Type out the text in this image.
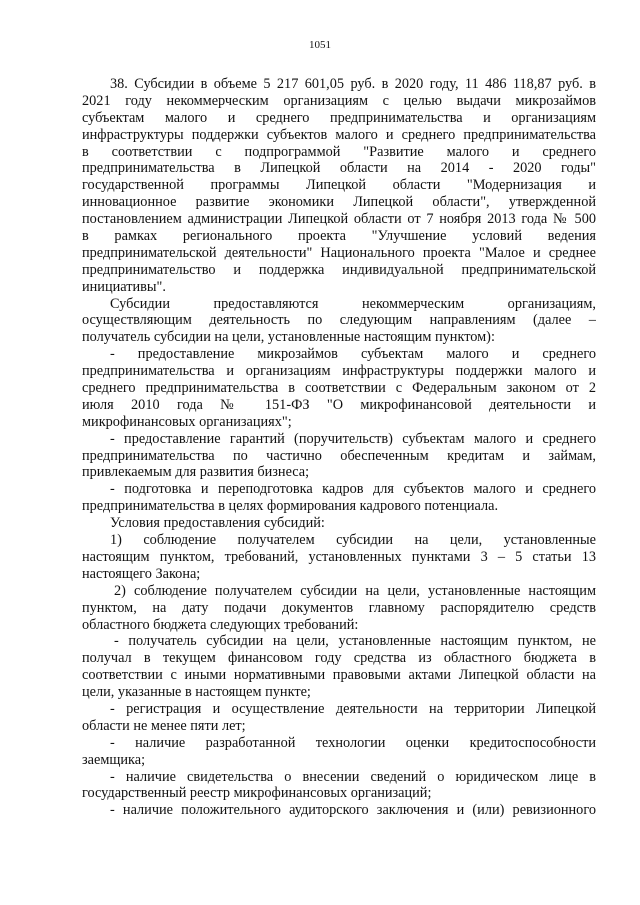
1051
38. Субсидии в объеме 5 217 601,05 руб. в 2020 году, 11 486 118,87 руб. в
2021 году некоммерческим организациям с целью выдачи микрозаймов
субъектам малого и среднего предпринимательства и организациям
инфраструктуры поддержки субъектов малого и среднего предпринимательства
в соответствии с подпрограммой "Развитие малого и среднего
предпринимательства в Липецкой области на 2014 - 2020 годы"
государственной программы Липецкой области "Модернизация и
инновационное развитие экономики Липецкой области", утвержденной
постановлением администрации Липецкой области от 7 ноября 2013 года № 500
в рамках регионального проекта "Улучшение условий ведения
предпринимательской деятельности" Национального проекта "Малое и среднее
предпринимательство и поддержка индивидуальной предпринимательской
инициативы".
Субсидии предоставляются некоммерческим организациям,
осуществляющим деятельность по следующим направлениям (далее –
получатель субсидии на цели, установленные настоящим пунктом):
- предоставление микрозаймов субъектам малого и среднего
предпринимательства и организациям инфраструктуры поддержки малого и
среднего предпринимательства в соответствии с Федеральным законом от 2
июля 2010 года № 151-ФЗ "О микрофинансовой деятельности и
микрофинансовых организациях";
- предоставление гарантий (поручительств) субъектам малого и среднего
предпринимательства по частично обеспеченным кредитам и займам,
привлекаемым для развития бизнеса;
- подготовка и переподготовка кадров для субъектов малого и среднего
предпринимательства в целях формирования кадрового потенциала.
Условия предоставления субсидий:
1) соблюдение получателем субсидии на цели, установленные
настоящим пунктом, требований, установленных пунктами 3 – 5 статьи 13
настоящего Закона;
2) соблюдение получателем субсидии на цели, установленные настоящим
пунктом, на дату подачи документов главному распорядителю средств
областного бюджета следующих требований:
- получатель субсидии на цели, установленные настоящим пунктом, не
получал в текущем финансовом году средства из областного бюджета в
соответствии с иными нормативными правовыми актами Липецкой области на
цели, указанные в настоящем пункте;
- регистрация и осуществление деятельности на территории Липецкой
области не менее пяти лет;
- наличие разработанной технологии оценки кредитоспособности
заемщика;
- наличие свидетельства о внесении сведений о юридическом лице в
государственный реестр микрофинансовых организаций;
- наличие положительного аудиторского заключения и (или) ревизионного
